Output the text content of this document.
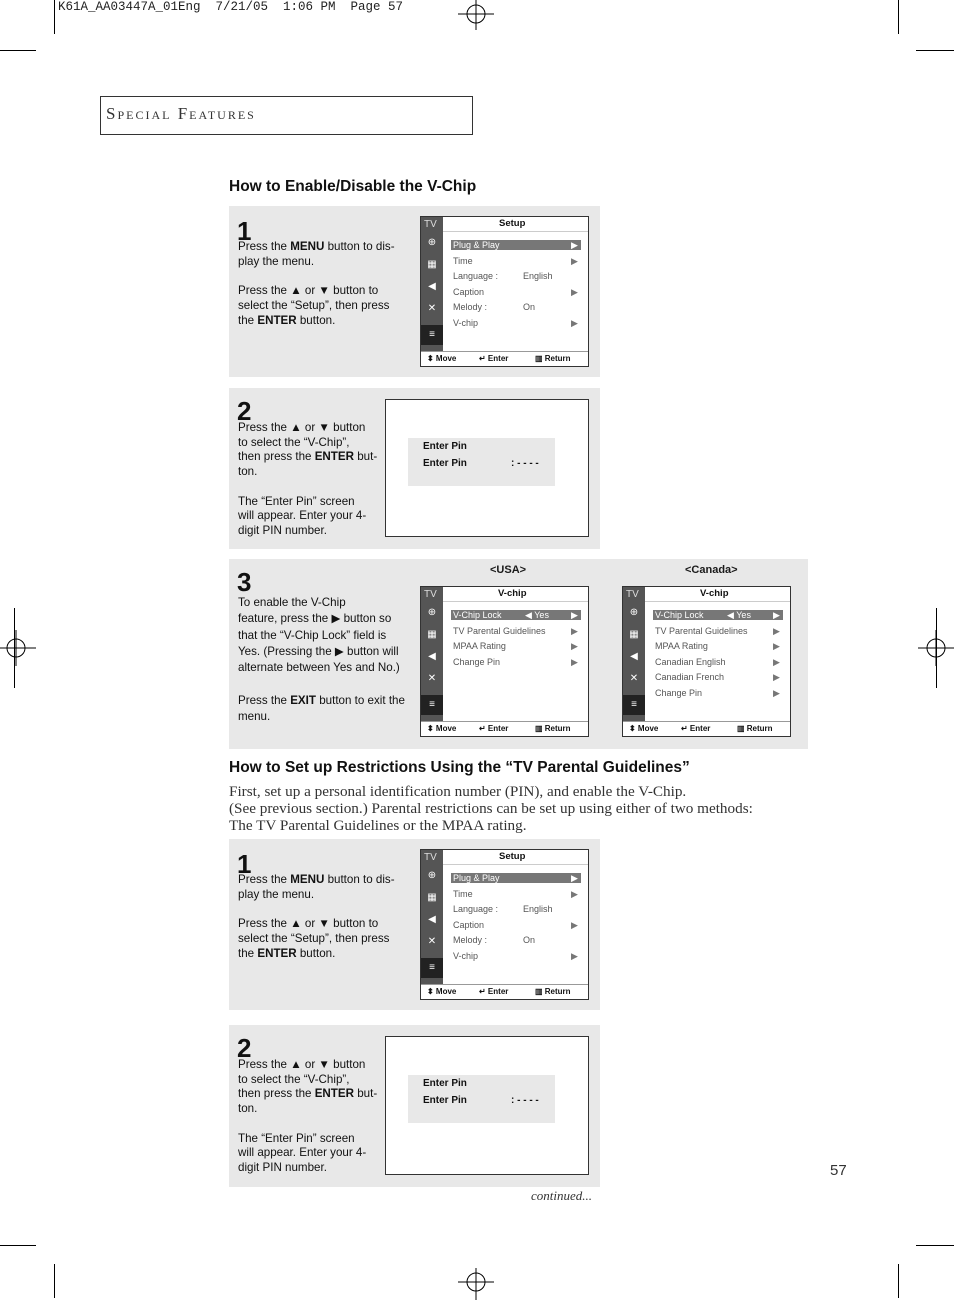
K61A_AA03447A_01Eng  7/21/05  1:06 PM  Page 57
Special Features
How to Enable/Disable the V-Chip
1
Press the MENU button to dis-
play the menu.

Press the ▲ or ▼ button to
select the “Setup”, then press
the ENTER button.
TV
⊕
▦
◀
✕
≡
Setup
Plug & Play	▶
Time	▶
Language :	English
Caption	▶
Melody :	On
V-chip	▶
⬍ Move	↵ Enter	▥ Return
2
Press the ▲ or ▼ button
to select the “V-Chip”,
then press the ENTER but-
ton.

The “Enter Pin” screen
will appear. Enter your 4-
digit PIN number.
Enter Pin
Enter Pin	: - - - -
3
To enable the V-Chip
feature, press the ▶ button so
that the “V-Chip Lock” field is
Yes. (Pressing the ▶ button will
alternate between Yes and No.)

Press the EXIT button to exit the
menu.
<USA>	<Canada>
TV
⊕
▦
◀
✕
≡
V-chip
V-Chip Lock	◀ Yes ▶
TV Parental Guidelines	▶
MPAA Rating	▶
Change Pin	▶
⬍ Move	↵ Enter	▥ Return
TV
⊕
▦
◀
✕
≡
V-chip
V-Chip Lock	◀ Yes ▶
TV Parental Guidelines	▶
MPAA Rating	▶
Canadian English	▶
Canadian French	▶
Change Pin	▶
⬍ Move	↵ Enter	▥ Return
How to Set up Restrictions Using the “TV Parental Guidelines”
First, set up a personal identification number (PIN), and enable the V-Chip.
(See previous section.) Parental restrictions can be set up using either of two methods:
The TV Parental Guidelines or the MPAA rating.
1
Press the MENU button to dis-
play the menu.

Press the ▲ or ▼ button to
select the “Setup”, then press
the ENTER button.
TV
⊕
▦
◀
✕
≡
Setup
Plug & Play	▶
Time	▶
Language :	English
Caption	▶
Melody :	On
V-chip	▶
⬍ Move	↵ Enter	▥ Return
2
Press the ▲ or ▼ button
to select the “V-Chip”,
then press the ENTER but-
ton.

The “Enter Pin” screen
will appear. Enter your 4-
digit PIN number.
Enter Pin
Enter Pin	: - - - -
57
continued...
